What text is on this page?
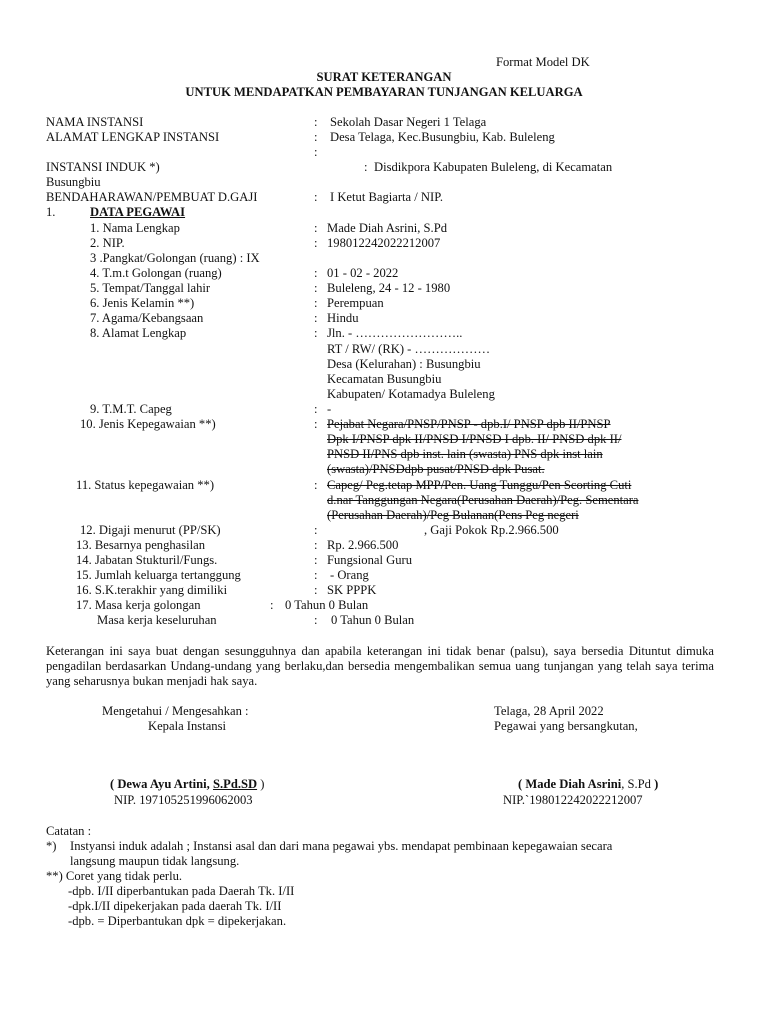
Format Model DK
SURAT KETERANGAN
UNTUK MENDAPATKAN PEMBAYARAN TUNJANGAN KELUARGA
NAMA INSTANSI	: Sekolah Dasar Negeri 1 Telaga
ALAMAT LENGKAP INSTANSI	: Desa Telaga, Kec.Busungbiu, Kab. Buleleng
:
INSTANSI INDUK *)	: Disdikpora Kabupaten Buleleng, di Kecamatan
Busungbiu
BENDAHARAWAN/PEMBUAT D.GAJI	: I Ketut Bagiarta / NIP.
1.	DATA PEGAWAI
1. Nama Lengkap	: Made Diah Asrini, S.Pd
2. NIP.	: 198012242022212007
3 .Pangkat/Golongan (ruang) : IX
4. T.m.t Golongan (ruang)	: 01 - 02 - 2022
5. Tempat/Tanggal lahir	: Buleleng, 24 - 12 - 1980
6. Jenis Kelamin **)	: Perempuan
7. Agama/Kebangsaan	: Hindu
8. Alamat Lengkap	: Jln. - ……………………..
RT / RW/ (RK) - ………………
Desa (Kelurahan) : Busungbiu
Kecamatan Busungbiu
Kabupaten/ Kotamadya Buleleng
9. T.M.T. Capeg	: -
10. Jenis Kepegawaian **)	: Pejabat Negara/PNSP/PNSP - dpb.I/ PNSP dpb II/PNSP
Dpk I/PNSP dpk II/PNSD I/PNSD I dpb. II/ PNSD dpk II/
PNSD II/PNS dpb inst. lain (swasta) PNS dpk inst lain
(swasta)/PNSDdpb pusat/PNSD dpk Pusat.
11. Status kepegawaian **)	: Capeg/ Peg.tetap MPP/Pen. Uang Tunggu/Pen Scorting Cuti
d.nar Tanggungan Negara(Perusahan Daerah)/Peg. Sementara
(Perusahan Daerah)/Peg Bulanan(Pens Peg negeri
12. Digaji menurut (PP/SK)	:	, Gaji Pokok Rp.2.966.500
13. Besarnya penghasilan	: Rp. 2.966.500
14. Jabatan Stukturil/Fungs.	: Fungsional Guru
15. Jumlah keluarga tertanggung	: - Orang
16. S.K.terakhir yang dimiliki	: SK PPPK
17. Masa kerja golongan	: 0 Tahun 0 Bulan
Masa kerja keseluruhan	: 0 Tahun 0 Bulan
Keterangan ini saya buat dengan sesungguhnya dan apabila keterangan ini tidak benar (palsu), saya bersedia Dituntut dimuka pengadilan berdasarkan Undang-undang yang berlaku,dan bersedia mengembalikan semua uang tunjangan yang telah saya terima yang seharusnya bukan menjadi hak saya.
Mengetahui / Mengesahkan :
Kepala Instansi
Telaga, 28 April 2022
Pegawai yang bersangkutan,
( Dewa Ayu Artini, S.Pd.SD )
NIP. 197105251996062003
( Made Diah Asrini, S.Pd )
NIP.`198012242022212007
Catatan :
*) Instyansi induk adalah ; Instansi asal dan dari mana pegawai ybs. mendapat pembinaan kepegawaian secara
langsung maupun tidak langsung.
**) Coret yang tidak perlu.
-dpb. I/II diperbantukan pada Daerah Tk. I/II
-dpk.I/II dipekerjakan pada daerah Tk. I/II
-dpb. = Diperbantukan dpk = dipekerjakan.
